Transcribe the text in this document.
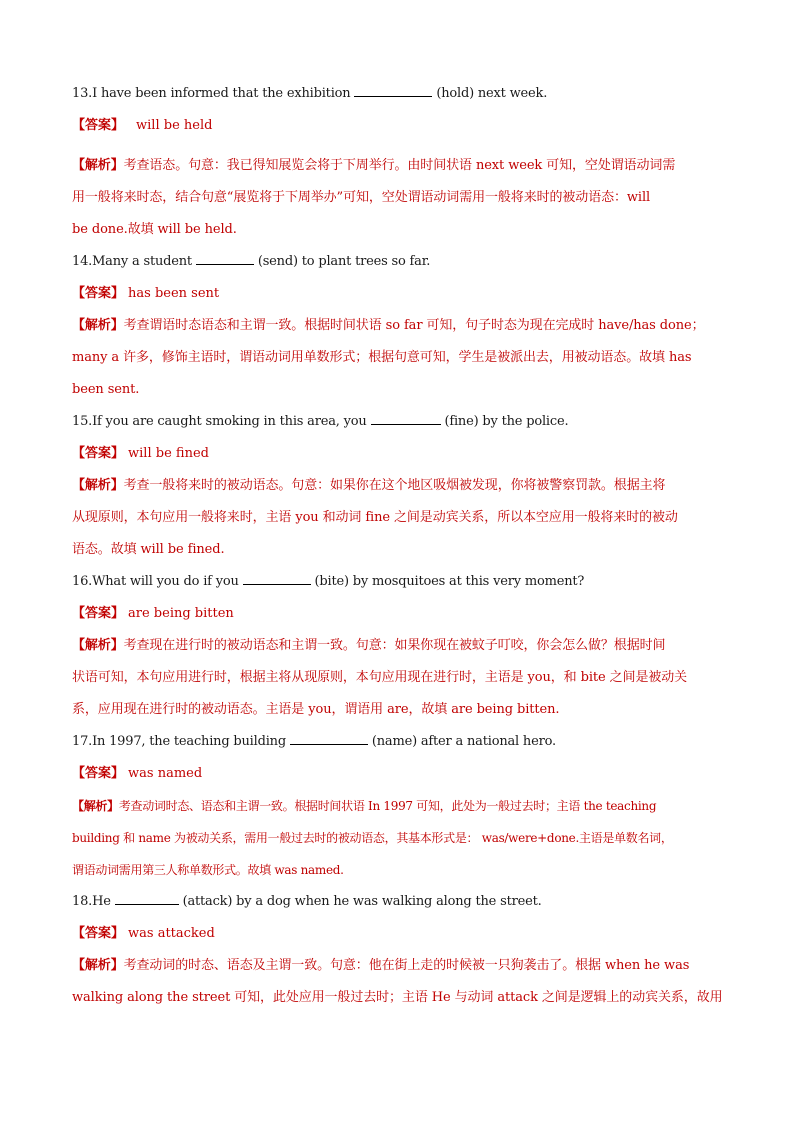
13.I have been informed that the exhibition	(hold) next week.
【答案】 will be held
【解析】考查语态。句意：我已得知展览会将于下周举行。由时间状语 next week 可知，空处谓语动词需
用一般将来时态，结合句意“展览将于下周举办”可知，空处谓语动词需用一般将来时的被动语态：will
be done.故填 will be held.
14.Many a student	(send) to plant trees so far.
【答案】 has been sent
【解析】考查谓语时态语态和主谓一致。根据时间状语 so far 可知，句子时态为现在完成时 have/has done；
many a 许多，修饰主语时，谓语动词用单数形式；根据句意可知，学生是被派出去，用被动语态。故填 has
been sent.
15.If you are caught smoking in this area, you	(fine) by the police.
【答案】 will be fined
【解析】考查一般将来时的被动语态。句意：如果你在这个地区吸烟被发现，你将被警察罚款。根据主将
从现原则，本句应用一般将来时，主语 you 和动词 fine 之间是动宾关系，所以本空应用一般将来时的被动
语态。故填 will be fined.
16.What will you do if you	(bite) by mosquitoes at this very moment?
【答案】 are being bitten
【解析】考查现在进行时的被动语态和主谓一致。句意：如果你现在被蚊子叮咬，你会怎么做？根据时间
状语可知，本句应用进行时，根据主将从现原则，本句应用现在进行时，主语是 you，和 bite 之间是被动关
系，应用现在进行时的被动语态。主语是 you，谓语用 are，故填 are being bitten.
17.In 1997, the teaching building	(name) after a national hero.
【答案】 was named
【解析】考查动词时态、语态和主谓一致。根据时间状语 In 1997 可知，此处为一般过去时；主语 the teaching
building 和 name 为被动关系，需用一般过去时的被动语态，其基本形式是： was/were+done.主语是单数名词，
谓语动词需用第三人称单数形式。故填 was named.
18.He	(attack) by a dog when he was walking along the street.
【答案】 was attacked
【解析】考查动词的时态、语态及主谓一致。句意：他在街上走的时候被一只狗袭击了。根据 when he was
walking along the street 可知，此处应用一般过去时；主语 He 与动词 attack 之间是逻辑上的动宾关系，故用
